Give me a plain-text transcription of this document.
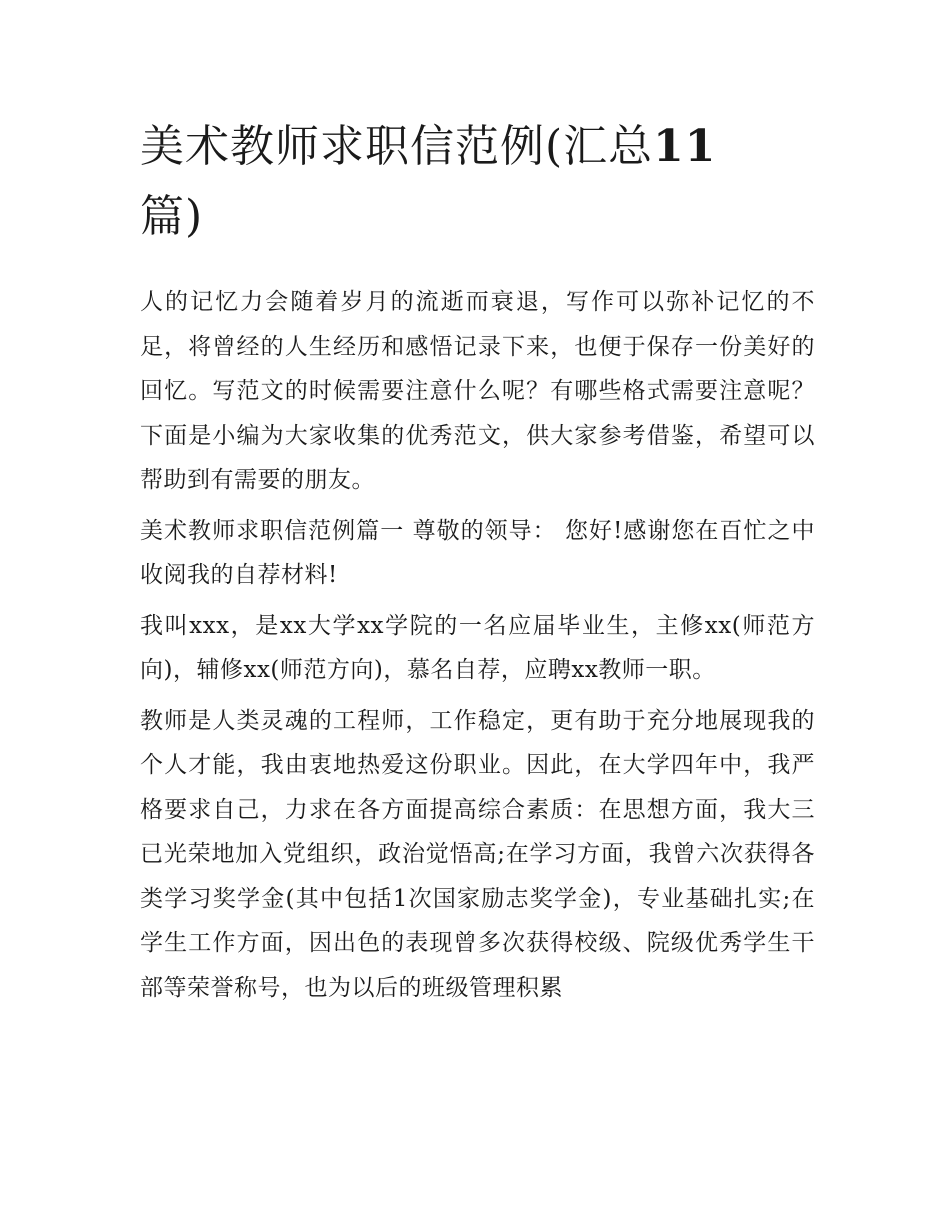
美术教师求职信范例(汇总11
篇)

人的记忆力会随着岁月的流逝而衰退，写作可以弥补记忆的不足，将曾经的人生经历和感悟记录下来，也便于保存一份美好的回忆。写范文的时候需要注意什么呢？有哪些格式需要注意呢？下面是小编为大家收集的优秀范文，供大家参考借鉴，希望可以帮助到有需要的朋友。

美术教师求职信范例篇一 尊敬的领导： 您好!感谢您在百忙之中收阅我的自荐材料!

我叫xxx，是xx大学xx学院的一名应届毕业生，主修xx(师范方向)，辅修xx(师范方向)，慕名自荐，应聘xx教师一职。

教师是人类灵魂的工程师，工作稳定，更有助于充分地展现我的个人才能，我由衷地热爱这份职业。因此，在大学四年中，我严格要求自己，力求在各方面提高综合素质：在思想方面，我大三已光荣地加入党组织，政治觉悟高;在学习方面，我曾六次获得各类学习奖学金(其中包括1次国家励志奖学金)，专业基础扎实;在学生工作方面，因出色的表现曾多次获得校级、院级优秀学生干部等荣誉称号，也为以后的班级管理积累
